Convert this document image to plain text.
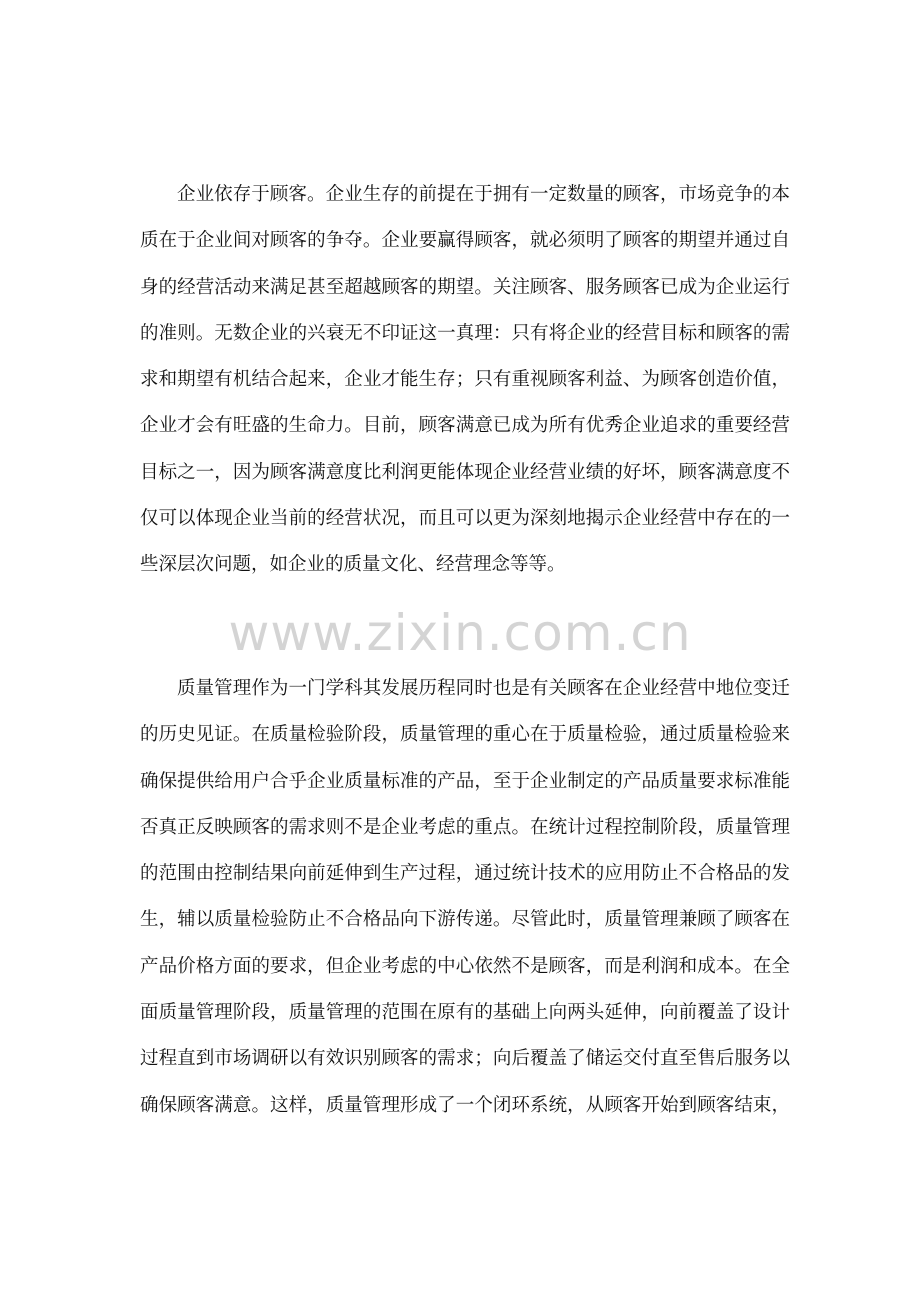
企业依存于顾客。企业生存的前提在于拥有一定数量的顾客，市场竞争的本
质在于企业间对顾客的争夺。企业要赢得顾客，就必须明了顾客的期望并通过自
身的经营活动来满足甚至超越顾客的期望。关注顾客、服务顾客已成为企业运行
的准则。无数企业的兴衰无不印证这一真理：只有将企业的经营目标和顾客的需
求和期望有机结合起来，企业才能生存；只有重视顾客利益、为顾客创造价值，
企业才会有旺盛的生命力。目前，顾客满意已成为所有优秀企业追求的重要经营
目标之一，因为顾客满意度比利润更能体现企业经营业绩的好坏，顾客满意度不
仅可以体现企业当前的经营状况，而且可以更为深刻地揭示企业经营中存在的一
些深层次问题，如企业的质量文化、经营理念等等。
www.zixin.com.cn
质量管理作为一门学科其发展历程同时也是有关顾客在企业经营中地位变迁
的历史见证。在质量检验阶段，质量管理的重心在于质量检验，通过质量检验来
确保提供给用户合乎企业质量标准的产品，至于企业制定的产品质量要求标准能
否真正反映顾客的需求则不是企业考虑的重点。在统计过程控制阶段，质量管理
的范围由控制结果向前延伸到生产过程，通过统计技术的应用防止不合格品的发
生，辅以质量检验防止不合格品向下游传递。尽管此时，质量管理兼顾了顾客在
产品价格方面的要求，但企业考虑的中心依然不是顾客，而是利润和成本。在全
面质量管理阶段，质量管理的范围在原有的基础上向两头延伸，向前覆盖了设计
过程直到市场调研以有效识别顾客的需求；向后覆盖了储运交付直至售后服务以
确保顾客满意。这样，质量管理形成了一个闭环系统，从顾客开始到顾客结束，
